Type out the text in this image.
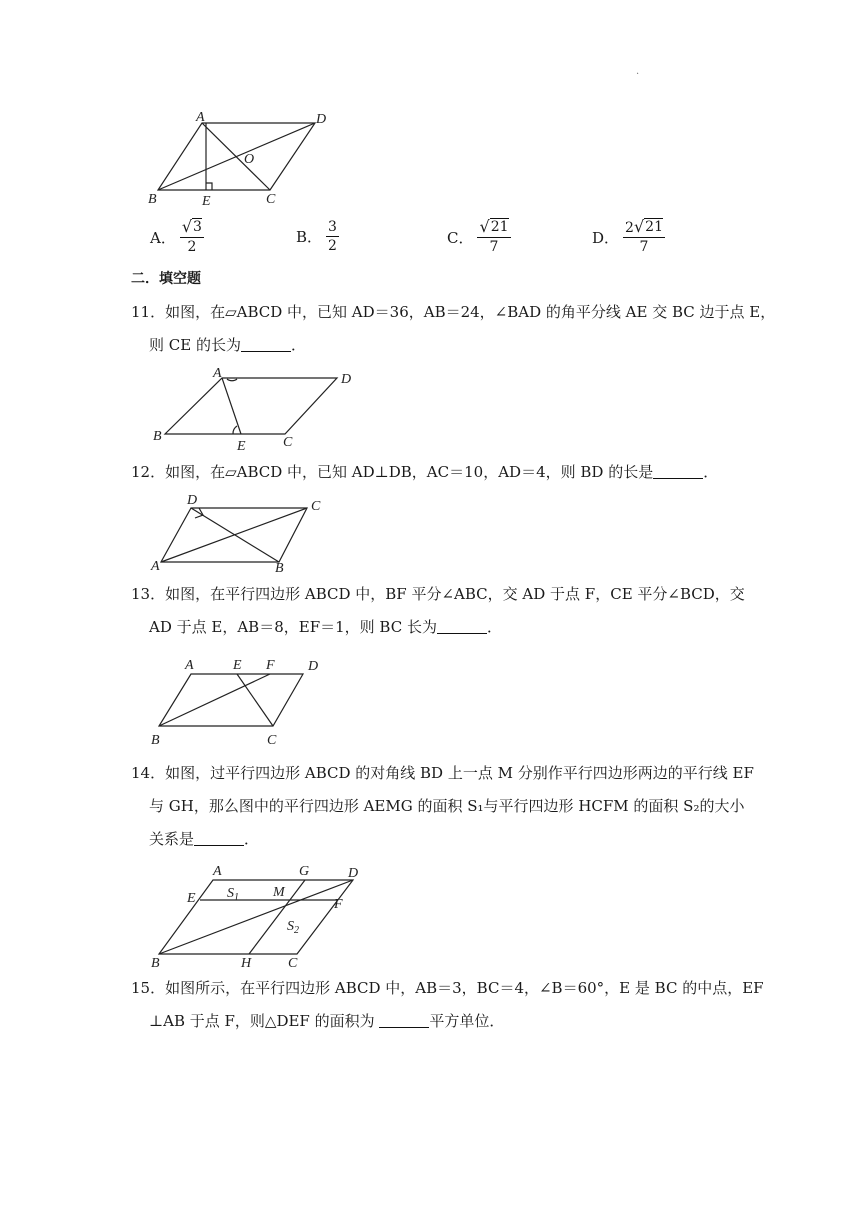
.
A	D
O
B	E	C
A． $\frac{√ 3}{2}$	B． $\frac{3}{2}$	C． $\frac{√ 21}{7}$	D． $\frac{2 √ 21}{7}$
二．填空题

11．如图，在▱ABCD 中，已知 AD＝36，AB＝24，∠BAD 的角平分线 AE 交 BC 边于点 E，

则 CE 的长为	．

A	D
B
E	C

12．如图，在▱ABCD 中，已知 AD⊥DB，AC＝10，AD＝4，则 BD 的长是	．

D	C
A	B

13．如图，在平行四边形 ABCD 中，BF 平分∠ABC，交 AD 于点 F，CE 平分∠BCD，交

AD 于点 E，AB＝8，EF＝1，则 BC 长为	．

A	E F D
B	C

14．如图，过平行四边形 ABCD 的对角线 BD 上一点 M 分别作平行四边形两边的平行线 EF

与 GH，那么图中的平行四边形 AEMG 的面积 S₁与平行四边形 HCFM 的面积 S₂的大小

关系是	．

A	G	D
E $S_1$ M
F
$S_2$
B	H	C

15．如图所示，在平行四边形 ABCD 中，AB＝3，BC＝4，∠B＝60°，E 是 BC 的中点，EF

⊥AB 于点 F，则△DEF 的面积为	平方单位．
